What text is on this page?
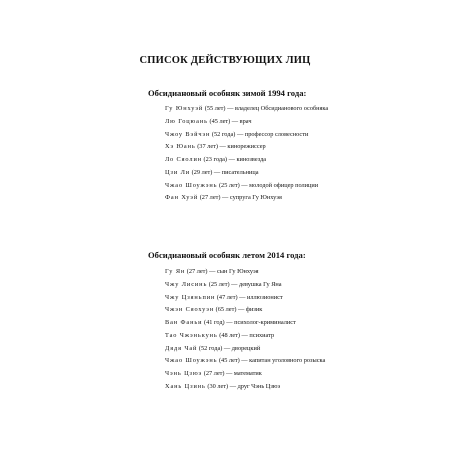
СПИСОК ДЕЙСТВУЮЩИХ ЛИЦ
Обсидиановый особняк зимой 1994 года:
Гу Юнхуэй (55 лет) — владелец Обсидианового особняка
Лю Гоцюань (45 лет) — врач
Чжоу Вэйчэн (52 года) — профессор словесности
Хэ Юань (37 лет) — кинорежиссер
Ло Сяолин (23 года) — кинозвезда
Цзи Ли (29 лет) — писательница
Чжао Шоужэнь (25 лет) — молодой офицер полиции
Фан Хуэй (27 лет) — супруга Гу Юнхуэя
Обсидиановый особняк летом 2014 года:
Гу Ян (27 лет) — сын Гу Юнхуэя
Чжу Лисинь (25 лет) — девушка Гу Яна
Чжу Цзяньпин (47 лет) — иллюзионист
Чжэн Сяохуэн (65 лет) — физик
Ван Фаньи (41 год) — психолог-криминалист
Тао Чжэнькунь (48 лет) — психиатр
Дядя Чай (52 года) — дворецкий
Чжао Шоужэнь (45 лет) — капитан уголовного розыска
Чэнь Цзюэ (27 лет) — математик
Хань Цзинь (30 лет) — друг Чэнь Цзюэ
